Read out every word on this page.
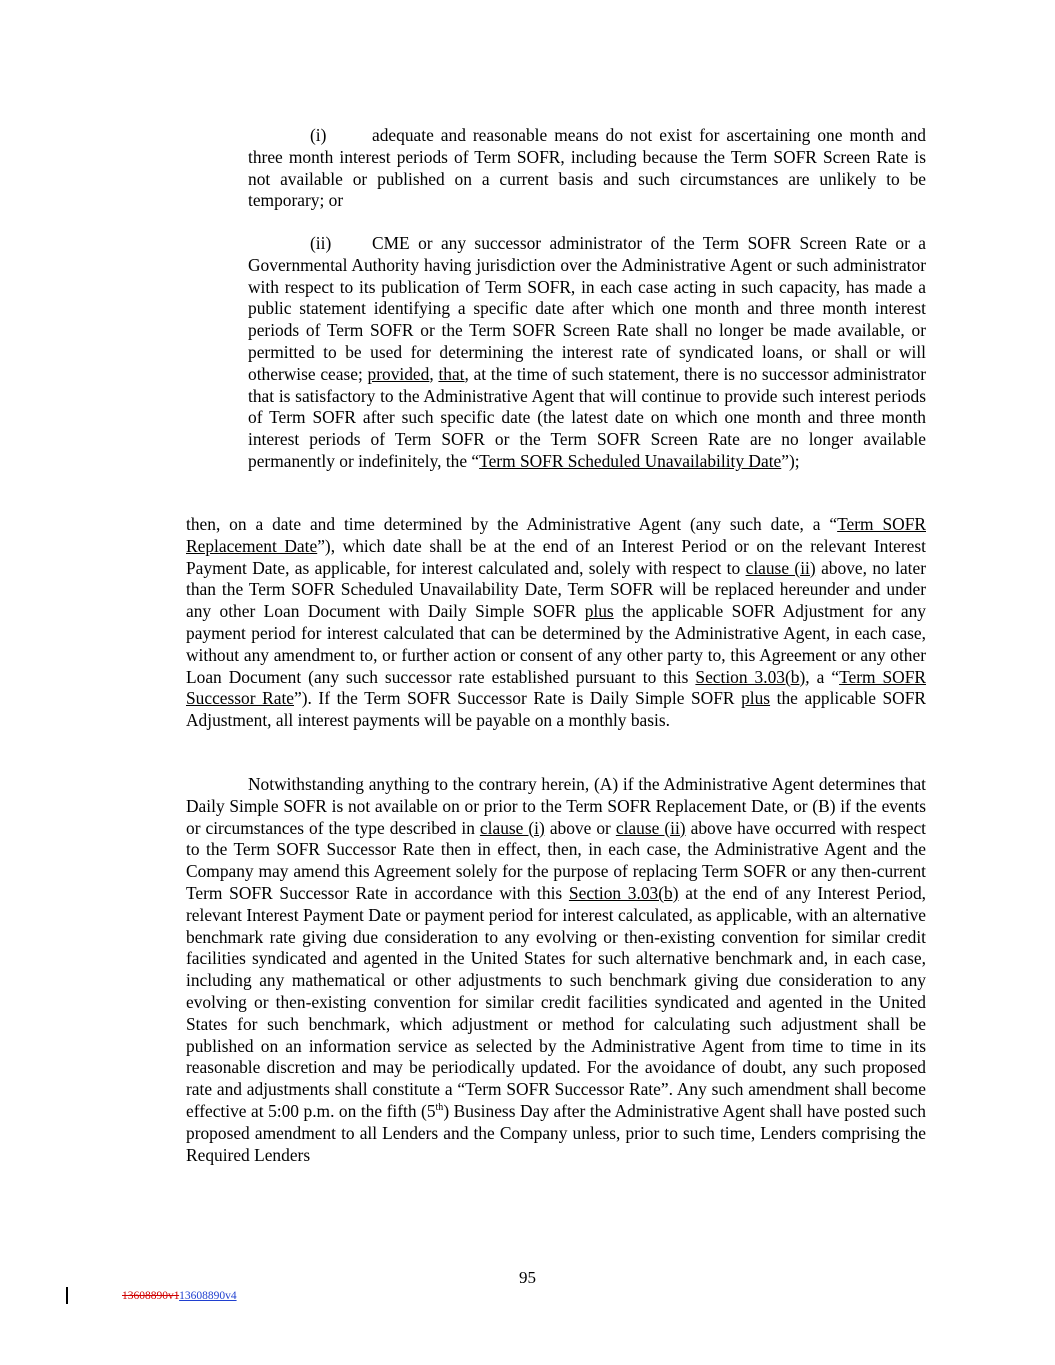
(i)	adequate and reasonable means do not exist for ascertaining one month and three month interest periods of Term SOFR, including because the Term SOFR Screen Rate is not available or published on a current basis and such circumstances are unlikely to be temporary; or

(ii) CME or any successor administrator of the Term SOFR Screen Rate or a Governmental Authority having jurisdiction over the Administrative Agent or such administrator with respect to its publication of Term SOFR, in each case acting in such capacity, has made a public statement identifying a specific date after which one month and three month interest periods of Term SOFR or the Term SOFR Screen Rate shall no longer be made available, or permitted to be used for determining the interest rate of syndicated loans, or shall or will otherwise cease; provided, that, at the time of such statement, there is no successor administrator that is satisfactory to the Administrative Agent that will continue to provide such interest periods of Term SOFR after such specific date (the latest date on which one month and three month interest periods of Term SOFR or the Term SOFR Screen Rate are no longer available permanently or indefinitely, the “Term SOFR Scheduled Unavailability Date”);

then, on a date and time determined by the Administrative Agent (any such date, a “Term SOFR Replacement Date”), which date shall be at the end of an Interest Period or on the relevant Interest Payment Date, as applicable, for interest calculated and, solely with respect to clause (ii) above, no later than the Term SOFR Scheduled Unavailability Date, Term SOFR will be replaced hereunder and under any other Loan Document with Daily Simple SOFR plus the applicable SOFR Adjustment for any payment period for interest calculated that can be determined by the Administrative Agent, in each case, without any amendment to, or further action or consent of any other party to, this Agreement or any other Loan Document (any such successor rate established pursuant to this Section 3.03(b), a “Term SOFR Successor Rate”). If the Term SOFR Successor Rate is Daily Simple SOFR plus the applicable SOFR Adjustment, all interest payments will be payable on a monthly basis.

Notwithstanding anything to the contrary herein, (A) if the Administrative Agent determines that Daily Simple SOFR is not available on or prior to the Term SOFR Replacement Date, or (B) if the events or circumstances of the type described in clause (i) above or clause (ii) above have occurred with respect to the Term SOFR Successor Rate then in effect, then, in each case, the Administrative Agent and the Company may amend this Agreement solely for the purpose of replacing Term SOFR or any then-current Term SOFR Successor Rate in accordance with this Section 3.03(b) at the end of any Interest Period, relevant Interest Payment Date or payment period for interest calculated, as applicable, with an alternative benchmark rate giving due consideration to any evolving or then-existing convention for similar credit facilities syndicated and agented in the United States for such alternative benchmark and, in each case, including any mathematical or other adjustments to such benchmark giving due consideration to any evolving or then-existing convention for similar credit facilities syndicated and agented in the United States for such benchmark, which adjustment or method for calculating such adjustment shall be published on an information service as selected by the Administrative Agent from time to time in its reasonable discretion and may be periodically updated. For the avoidance of doubt, any such proposed rate and adjustments shall constitute a “Term SOFR Successor Rate”. Any such amendment shall become effective at 5:00 p.m. on the fifth (5th) Business Day after the Administrative Agent shall have posted such proposed amendment to all Lenders and the Company unless, prior to such time, Lenders comprising the Required Lenders

95
13608890v113608890v4
